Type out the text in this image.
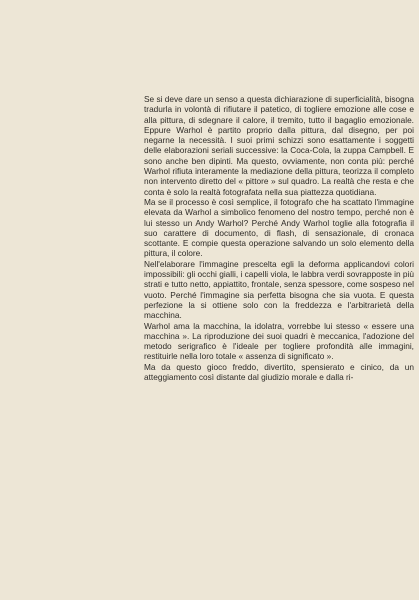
Se si deve dare un senso a questa dichiarazione di superficialità, bisogna tradurla in volontà di rifiutare il patetico, di togliere emozione alle cose e alla pittura, di sdegnare il calore, il tremito, tutto il bagaglio emozionale. Eppure Warhol è partito proprio dalla pittura, dal disegno, per poi negarne la necessità. I suoi primi schizzi sono esattamente i soggetti delle elaborazioni seriali successive: la Coca-Cola, la zuppa Campbell. E sono anche ben dipinti. Ma questo, ovviamente, non conta più: perché Warhol rifiuta interamente la mediazione della pittura, teorizza il completo non intervento diretto del « pittore » sul quadro. La realtà che resta e che conta è solo la realtà fotografata nella sua piattezza quotidiana.

Ma se il processo è così semplice, il fotografo che ha scattato l'immagine elevata da Warhol a simbolico fenomeno del nostro tempo, perché non è lui stesso un Andy Warhol? Perché Andy Warhol toglie alla fotografia il suo carattere di documento, di flash, di sensazionale, di cronaca scottante. E compie questa operazione salvando un solo elemento della pittura, il colore.

Nell'elaborare l'immagine prescelta egli la deforma applicandovi colori impossibili: gli occhi gialli, i capelli viola, le labbra verdi sovrapposte in più strati e tutto netto, appiattito, frontale, senza spessore, come sospeso nel vuoto. Perché l'immagine sia perfetta bisogna che sia vuota. E questa perfezione la si ottiene solo con la freddezza e l'arbitrarietà della macchina.

Warhol ama la macchina, la idolatra, vorrebbe lui stesso « essere una macchina ». La riproduzione dei suoi quadri è meccanica, l'adozione del metodo serigrafico è l'ideale per togliere profondità alle immagini, restituirle nella loro totale « assenza di significato ».

Ma da questo gioco freddo, divertito, spensierato e cinico, da un atteggiamento così distante dal giudizio morale e dalla ri-
